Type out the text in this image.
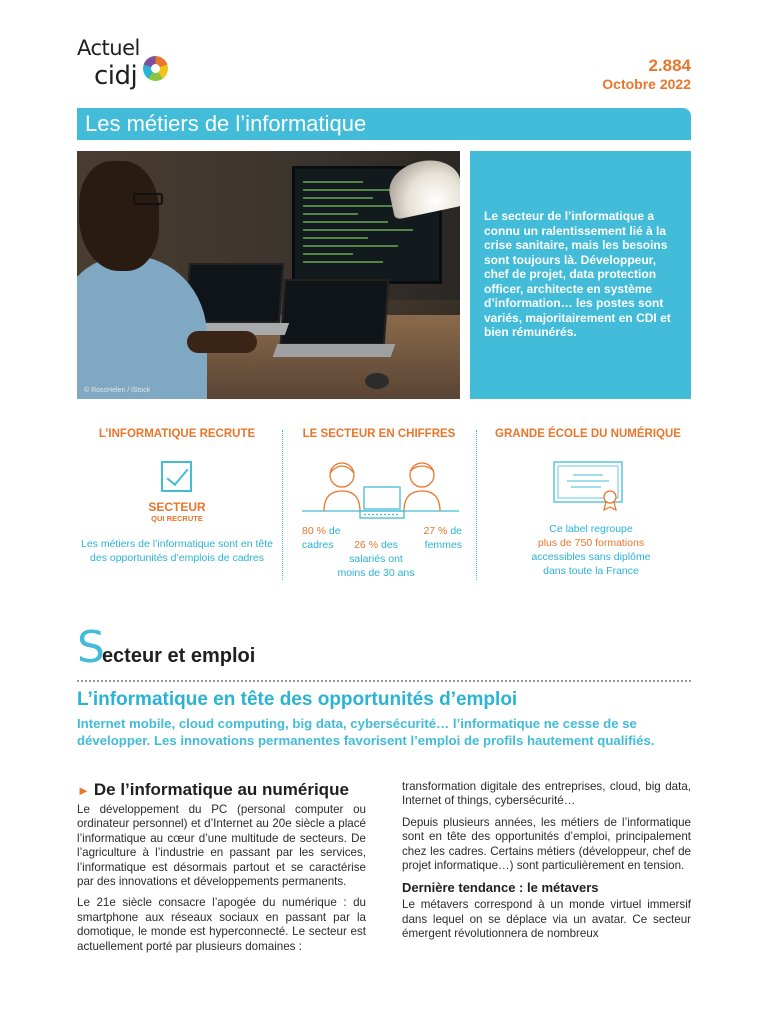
Actuel
cidj	2.884
Octobre 2022
Les métiers de l’informatique
© RossHelen / iStock

Le secteur de l’informatique a connu un ralentissement lié à la crise sanitaire, mais les besoins sont toujours là. Développeur, chef de projet, data protection officer, architecte en système d’information… les postes sont variés, majoritairement en CDI et bien rémunérés.

L’INFORMATIQUE RECRUTE
SECTEUR
QUI RECRUTE
Les métiers de l’informatique sont en tête des opportunités d’emplois de cadres
LE SECTEUR EN CHIFFRES
80 % de
cadres	26 % des
salariés ont
moins de 30 ans
27 % de
femmes
GRANDE ÉCOLE DU NUMÉRIQUE
Ce label regroupe
plus de 750 formations
accessibles sans diplôme
dans toute la France
Secteur et emploi
L’informatique en tête des opportunités d’emploi
Internet mobile, cloud computing, big data, cybersécurité… l’informatique ne cesse de se développer. Les innovations permanentes favorisent l’emploi de profils hautement qualifiés.
► De l’informatique au numérique

Le développement du PC (personal computer ou ordinateur personnel) et d’Internet au 20e siècle a placé l’informatique au cœur d’une multitude de secteurs. De l’agriculture à l’industrie en passant par les services, l’informatique est désormais partout et se caractérise par des innovations et développements permanents.

Le 21e siècle consacre l’apogée du numérique : du smartphone aux réseaux sociaux en passant par la domotique, le monde est hyperconnecté. Le secteur est actuellement porté par plusieurs domaines :

transformation digitale des entreprises, cloud, big data, Internet of things, cybersécurité…

Depuis plusieurs années, les métiers de l’informatique sont en tête des opportunités d’emploi, principalement chez les cadres. Certains métiers (développeur, chef de projet informatique…) sont particulièrement en tension.

Dernière tendance : le métavers

Le métavers correspond à un monde virtuel immersif dans lequel on se déplace via un avatar. Ce secteur émergent révolutionnera de nombreux
